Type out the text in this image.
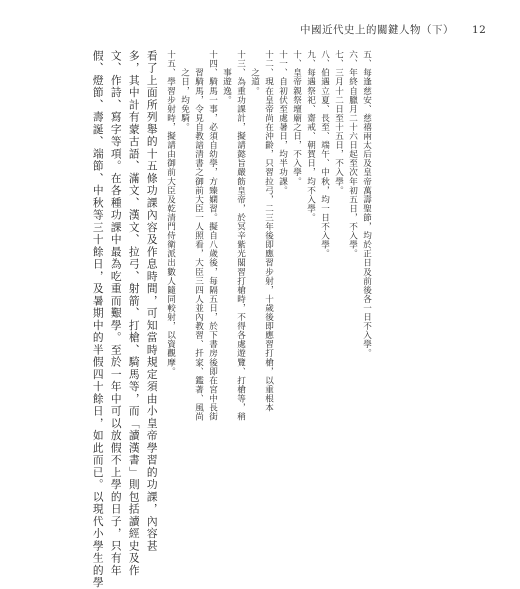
中國近代史上的關鍵人物（下） 12
五、每逢慈安、慈禧兩太后及皇帝萬壽聖節，均於正日及前後各一日不入學。
六、年終自臘月二十六日起至次年初五日，不入學。
七、三月十二日至十五日，不入學。
八、伯遇立夏、長至、端午、中秋，均一日不入學。
九、每遇祭祀、齋戒、朝賀日，均不入學。
十、皇帝親祭壇廟之日，不入學。
十一、自初伏至處暑日，均半功課。
十二、現在皇帝尚在沖齡，只習拉弓，二三年後即應習步射，十歲後即應習打槍，以重根本
　　之道。
十三、為重功課計，擬請懿旨嚴飭皇帝，於冥辛紫光閣習打槍時，不得各處遊覽、打槍等，稍
　　事遊逸。
十四、騎馬一事，必須自幼學，方臻嫻習。擬自八歲後，每隔五日，於下書房後即在宮中長街
　　習騎馬，令見自教諳清書之御前大臣一人照看，大臣三四人並內教習、扦家、鑑著、風尚
　　之日，均免騎。
十五、學習步射時，擬請由御前大臣及乾清門侍衛派出數人隨同較射，以資觀摩。
看了上面所列舉的十五條功課內容及作息時間，可知當時規定須由小皇帝學習的功課，內容甚
多，其中計有蒙古語、滿文、漢文、拉弓、射箭、打槍、騎馬等，而「讀漢書」則包括讀經史及作
文、作詩、寫字等項。在各種功課中最為吃重而艱學。至於一年中可以放假不上學的日子，只有年
假、燈節、壽誕、端節、中秋等三十餘日，及暑期中的半假四十餘日，如此而已。以現代小學生的學
